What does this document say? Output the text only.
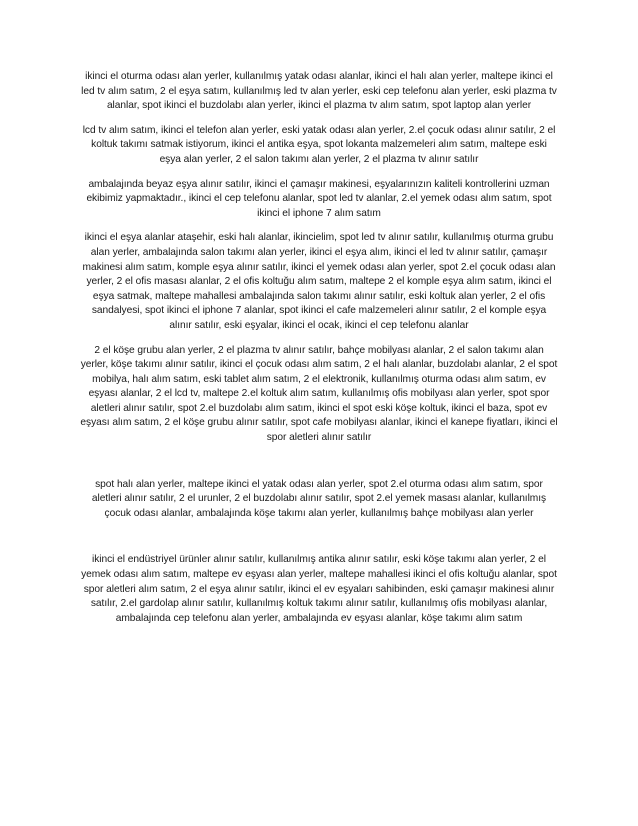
ikinci el oturma odası alan yerler, kullanılmış yatak odası alanlar, ikinci el halı alan yerler, maltepe ikinci el led tv alım satım, 2 el eşya satım, kullanılmış led tv alan yerler, eski cep telefonu alan yerler, eski plazma tv alanlar, spot ikinci el buzdolabı alan yerler, ikinci el plazma tv alım satım, spot laptop alan yerler

lcd tv alım satım, ikinci el telefon alan yerler, eski yatak odası alan yerler, 2.el çocuk odası alınır satılır, 2 el koltuk takımı satmak istiyorum, ikinci el antika eşya, spot lokanta malzemeleri alım satım, maltepe eski eşya alan yerler, 2 el salon takımı alan yerler, 2 el plazma tv alınır satılır

ambalajında beyaz eşya alınır satılır, ikinci el çamaşır makinesi, eşyalarınızın kaliteli kontrollerini uzman ekibimiz yapmaktadır., ikinci el cep telefonu alanlar, spot led tv alanlar, 2.el yemek odası alım satım, spot ikinci el iphone 7 alım satım

ikinci el eşya alanlar ataşehir, eski halı alanlar, ikincielim, spot led tv alınır satılır, kullanılmış oturma grubu alan yerler, ambalajında salon takımı alan yerler, ikinci el eşya alım, ikinci el led tv alınır satılır, çamaşır makinesi alım satım, komple eşya alınır satılır, ikinci el yemek odası alan yerler, spot 2.el çocuk odası alan yerler, 2 el ofis masası alanlar, 2 el ofis koltuğu alım satım, maltepe 2 el komple eşya alım satım, ikinci el eşya satmak, maltepe mahallesi ambalajında salon takımı alınır satılır, eski koltuk alan yerler, 2 el ofis sandalyesi, spot ikinci el iphone 7 alanlar, spot ikinci el cafe malzemeleri alınır satılır, 2 el komple eşya alınır satılır, eski eşyalar, ikinci el ocak, ikinci el cep telefonu alanlar

2 el köşe grubu alan yerler, 2 el plazma tv alınır satılır, bahçe mobilyası alanlar, 2 el salon takımı alan yerler, köşe takımı alınır satılır, ikinci el çocuk odası alım satım, 2 el halı alanlar, buzdolabı alanlar, 2 el spot mobilya, halı alım satım, eski tablet alım satım, 2 el elektronik, kullanılmış oturma odası alım satım, ev eşyası alanlar, 2 el lcd tv, maltepe 2.el koltuk alım satım, kullanılmış ofis mobilyası alan yerler, spot spor aletleri alınır satılır, spot 2.el buzdolabı alım satım, ikinci el spot eski köşe koltuk, ikinci el baza, spot ev eşyası alım satım, 2 el köşe grubu alınır satılır, spot cafe mobilyası alanlar, ikinci el kanepe fiyatları, ikinci el spor aletleri alınır satılır

spot halı alan yerler, maltepe ikinci el yatak odası alan yerler, spot 2.el oturma odası alım satım, spor aletleri alınır satılır, 2 el urunler, 2 el buzdolabı alınır satılır, spot 2.el yemek masası alanlar, kullanılmış çocuk odası alanlar, ambalajında köşe takımı alan yerler, kullanılmış bahçe mobilyası alan yerler

ikinci el endüstriyel ürünler alınır satılır, kullanılmış antika alınır satılır, eski köşe takımı alan yerler, 2 el yemek odası alım satım, maltepe ev eşyası alan yerler, maltepe mahallesi ikinci el ofis koltuğu alanlar, spot spor aletleri alım satım, 2 el eşya alınır satılır, ikinci el ev eşyaları sahibinden, eski çamaşır makinesi alınır satılır, 2.el gardolap alınır satılır, kullanılmış koltuk takımı alınır satılır, kullanılmış ofis mobilyası alanlar, ambalajında cep telefonu alan yerler, ambalajında ev eşyası alanlar, köşe takımı alım satım
